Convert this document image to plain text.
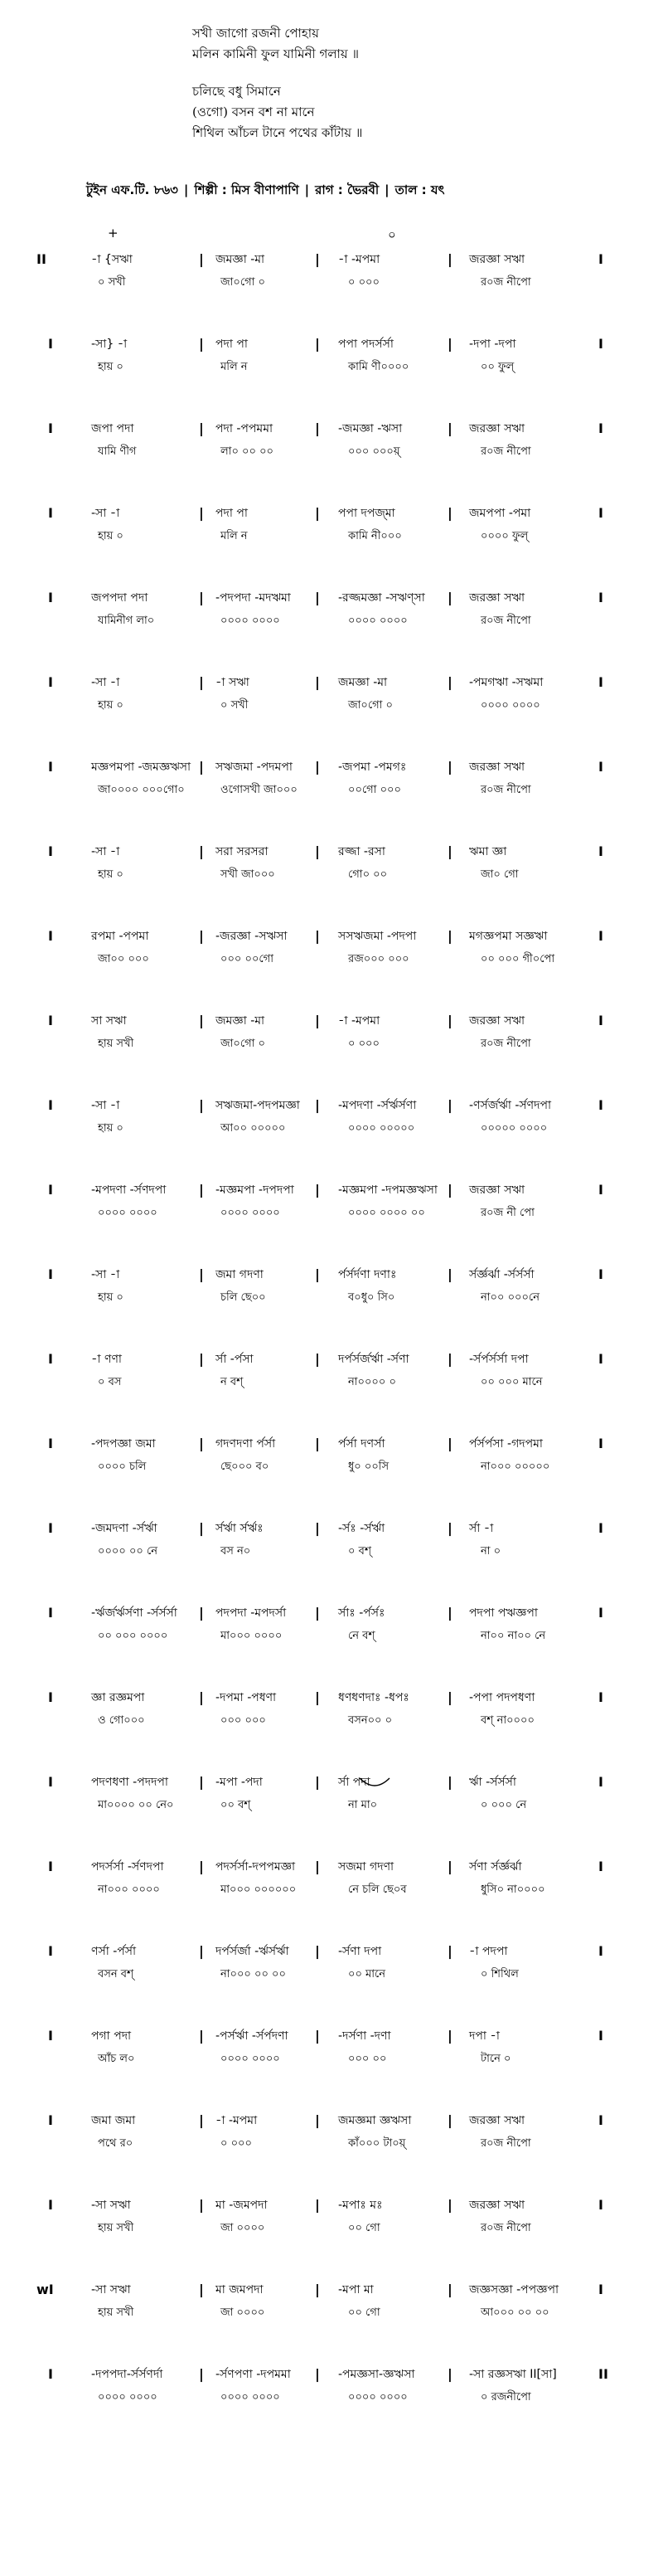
সখী জাগো রজনী পোহায়
মলিন কামিনী ফুল যামিনী গলায় ॥
চলিছে বধু সিমানে
(ওগো) বসন বশ না মানে
শিথিল আঁচল টানে পথের কাঁটায় ॥
টুইন এফ.টি. ৮৬৩ | শিল্পী : মিস বীণাপাণি | রাগ : ভৈরবী | তাল : যৎ
+	০
II	-া {সঋা	| জমজ্ঞা -মা	| -া -মপমা	| জরজ্ঞা সঋা	I
০ সখী	জা০গো ০	০ ০০০	র০জ নীপো
I	-সা} -া	| পদা পা	| পপা পদর্সর্সা	| -দপা -দপা	I
হায় ০	মলি ন	কামি ণী০০০০	০০ ফুল্
I	জপা পদা	| পদা -পপমমা	| -জমজ্ঞা -ঋসা	| জরজ্ঞা সঋা	I
যামি ণীগ	লা০ ০০ ০০	০০০ ০০০য়্	র০জ নীপো
I	-সা -া	| পদা পা	| পপা দপজ্মা	| জমপপা -পমা	I
হায় ০	মলি ন	কামি নী০০০	০০০০ ফুল্
I	জপপদা পদা	| -পদপদা -মদঋমা | -রজ্জমজ্ঞা -সঋণ্সা | জরজ্ঞা সঋা	I
যামিনীগ লা০	০০০০ ০০০০	০০০০ ০০০০	র০জ নীপো
I	-সা -া	| -া সঋা	| জমজ্ঞা -মা	| -পমগঋা -সঋমা	I
হায় ০	০ সখী	জা০গো ০	০০০০ ০০০০
I	মজ্ঞপমপা -জমজ্ঞঋসা | সঋজমা -পদমপা | -জপমা -পমগঃ	| জরজ্ঞা সঋা	I
জা০০০০ ০০০গো০	ওগোসখী জা০০০	০০গো ০০০	র০জ নীপো
I	-সা -া	| সরা সরসরা	| রজ্জা -রসা	| ঋমা জ্ঞা	I
হায় ০	সখী জা০০০	গো০ ০০	জা০ গো
I	রপমা -পপমা	| -জরজ্ঞা -সঋসা | সসঋজমা -পদপা | মগজ্ঞপমা সজ্ঞঋা	I
জা০০ ০০০	০০০ ০০গো	রজ০০০ ০০০	০০ ০০০ গী০পো
I	সা সঋা	| জমজ্ঞা -মা	| -া -মপমা	| জরজ্ঞা সঋা	I
হায় সখী	জা০গো ০	০ ০০০	র০জ নীপো
I	-সা -া	| সঋজমা-পদপমজ্ঞা | -মপদণা -র্সর্ঋর্সণা | -ণর্সর্জর্ঋা -র্সণদপা	I
হায় ০	আ০০ ০০০০০	০০০০ ০০০০০	০০০০০ ০০০০
I	-মপদণা -র্সণদপা | -মজ্ঞমপা -দপদপা | -মজ্ঞমপা -দপমজ্ঞঋসা | জরজ্ঞা সঋা	I
০০০০ ০০০০	০০০০ ০০০০	০০০০ ০০০০ ০০	র০জ নী পো
I	-সা -া	| জমা গদণা	| র্পর্সর্দণা দণাঃ	| র্সর্জ্ঞর্ঝা -র্সর্সর্সা	I
হায় ০	চলি ছে০০	ব০ধু০ সি০	না০০ ০০০নে
I	-া ণণা	| র্সা -র্পসা	| দর্পর্সর্জর্ঋা -র্সণা	| -র্সর্পর্সর্সা দপা	I
০ বস	ন বশ্	না০০০০ ০	০০ ০০০ মানে
I	-পদপজ্ঞা জমা	| গদণদণা র্পর্সা	| র্পর্সা দণর্সা	| র্পর্সর্পসা -গদপমা	I
০০০০ চলি	ছে০০০ ব০	ধু০ ০০সি	না০০০ ০০০০০
I	-জমদণা -র্সর্ঋা	| র্সর্ঋা র্সর্ঋঃ	| -র্সঃ -র্সর্ঋা	| র্সা -া	I
০০০০ ০০ নে	বস ন০	০ বশ্	না ০
I	-র্ঋর্জর্ঋর্সণা -র্সর্সর্সা | পদপদা -মপদর্সা | র্সাঃ -র্পর্সঃ	| পদপা পঋজ্ঞপা	I
০০ ০০০ ০০০০	মা০০০ ০০০০	নে বশ্	না০০ না০০ নে
I	জ্ঞা রজ্ঞমপা	| -দপমা -পধণা	| ধণধণদাঃ -ধপঃ	| -পপা পদপধণা	I
ও গো০০০	০০০ ০০০	বসন০০ ০	বশ্ না০০০০
I	পদণধণা -পদদপা | -মপা -পদা	| র্সা পদা	| র্ঋা -র্সর্সর্সা	I
মা০০০০ ০০ নে০	০০ বশ্	না মা০	০ ০০০ নে
I	পদর্সর্সা -র্সণদপা	| পদর্সর্সা-দপপমজ্ঞা | সজমা গদণা	| র্সণা র্সর্জ্ঞর্ঝা	I
না০০০ ০০০০	মা০০০ ০০০০০০	নে চলি ছে০ব	ধুসি০ না০০০০
I	ণর্সা -র্পর্সা	| দর্পর্সর্জা -র্ঋর্সর্ঋা | -র্সণা দপা	| -া পদপা	I
বসন বশ্	না০০০ ০০ ০০	০০ মানে	০ শিথিল
I	পগা পদা	| -পর্সর্ঋা -র্সর্পদণা | -দর্সণা -দণা	| দপা -া	I
আঁচ ল০	০০০০ ০০০০	০০০ ০০	টানে ০
I	জমা জমা	| -া -মপমা	| জমজ্ঞমা জ্ঞঋসা	| জরজ্ঞা সঋা	I
পথে র০	০ ০০০	কাঁ০০০ টা০য়্	র০জ নীপো
I	-সা সঋা	| মা -জমপদা	| -মপাঃ মঃ	| জরজ্ঞা সঋা	I
হায় সখী	জা ০০০০	০০ গো	র০জ নীপো
wI	-সা সঋা	| মা জমপদা	| -মপা মা	| জজ্ঞসজ্ঞা -পপজ্ঞপা	I
হায় সখী	জা ০০০০	০০ গো	আ০০০ ০০ ০০
I	-দপপদা-র্সর্সণর্দা	| -র্সণপণা -দপমমা | -পমজ্ঞসা-জ্ঞঋসা | -সা রজ্ঞসঋা II[সা]	II
০০০০ ০০০০	০০০০ ০০০০	০০০০ ০০০০	০ রজনীপো
